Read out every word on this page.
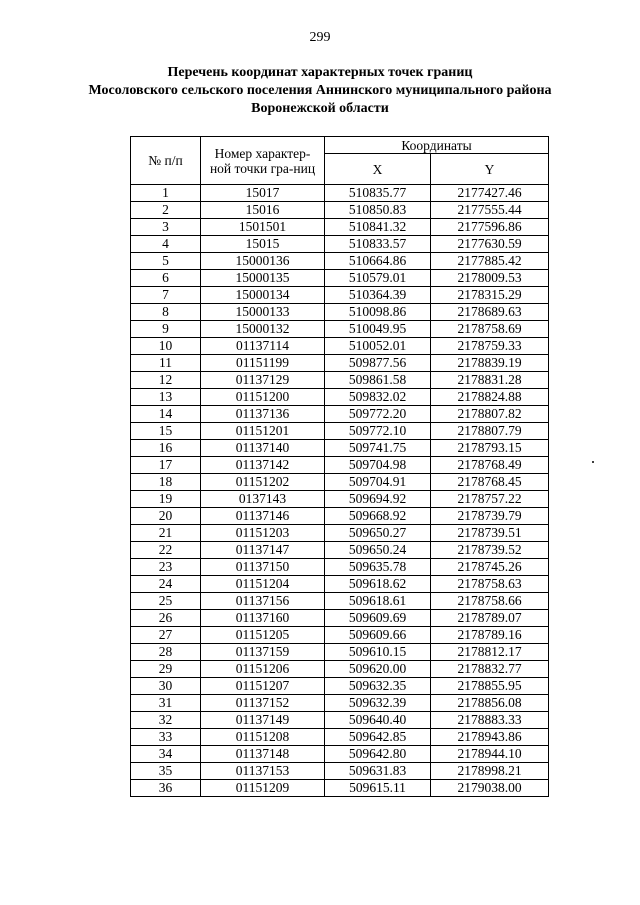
299
Перечень координат характерных точек границ
Мосоловского сельского поселения Аннинского муниципального района
Воронежской области
№ п/п	Номер характер-ной точки гра-ниц	Координаты	
		X	Y
1	15017	510835.77	2177427.46
2	15016	510850.83	2177555.44
3	1501501	510841.32	2177596.86
4	15015	510833.57	2177630.59
5	15000136	510664.86	2177885.42
6	15000135	510579.01	2178009.53
7	15000134	510364.39	2178315.29
8	15000133	510098.86	2178689.63
9	15000132	510049.95	2178758.69
10	01137114	510052.01	2178759.33
11	01151199	509877.56	2178839.19
12	01137129	509861.58	2178831.28
13	01151200	509832.02	2178824.88
14	01137136	509772.20	2178807.82
15	01151201	509772.10	2178807.79
16	01137140	509741.75	2178793.15
17	01137142	509704.98	2178768.49
18	01151202	509704.91	2178768.45
19	0137143	509694.92	2178757.22
20	01137146	509668.92	2178739.79
21	01151203	509650.27	2178739.51
22	01137147	509650.24	2178739.52
23	01137150	509635.78	2178745.26
24	01151204	509618.62	2178758.63
25	01137156	509618.61	2178758.66
26	01137160	509609.69	2178789.07
27	01151205	509609.66	2178789.16
28	01137159	509610.15	2178812.17
29	01151206	509620.00	2178832.77
30	01151207	509632.35	2178855.95
31	01137152	509632.39	2178856.08
32	01137149	509640.40	2178883.33
33	01151208	509642.85	2178943.86
34	01137148	509642.80	2178944.10
35	01137153	509631.83	2178998.21
36	01151209	509615.11	2179038.00
